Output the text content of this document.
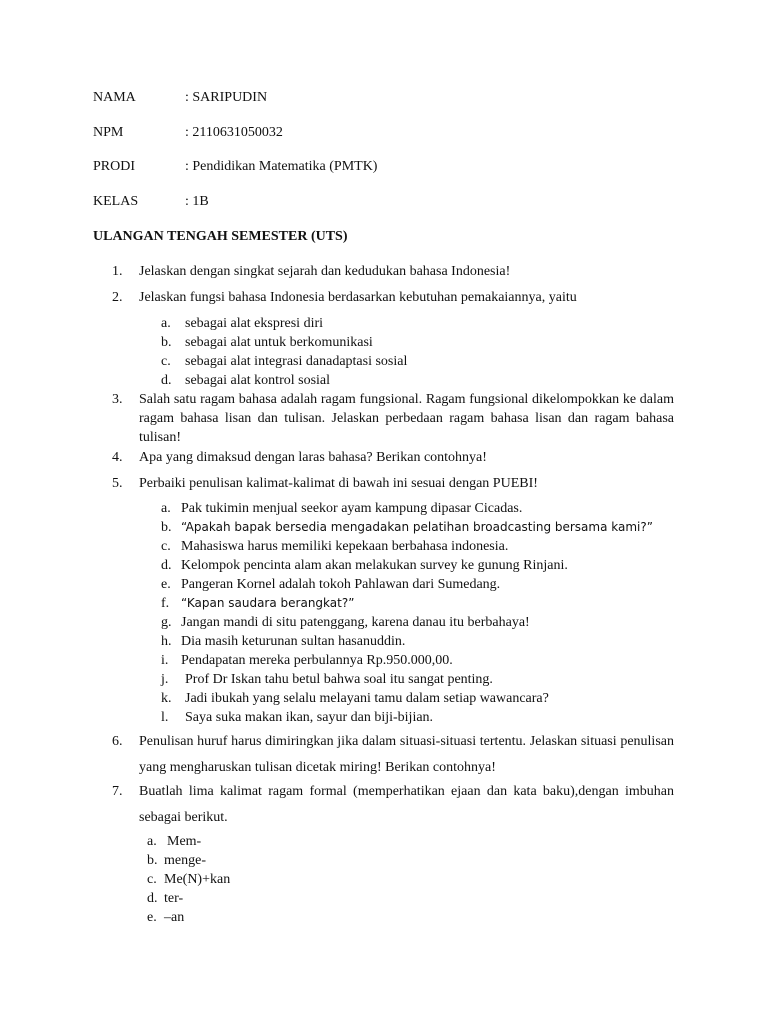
NAMA	: SARIPUDIN
NPM	: 2110631050032
PRODI	: Pendidikan Matematika (PMTK)
KELAS	: 1B
ULANGAN TENGAH SEMESTER (UTS)
1. Jelaskan dengan singkat sejarah dan kedudukan bahasa Indonesia!
2. Jelaskan fungsi bahasa Indonesia berdasarkan kebutuhan pemakaiannya, yaitu
a. sebagai alat ekspresi diri
b. sebagai alat untuk berkomunikasi
c. sebagai alat integrasi danadaptasi sosial
d. sebagai alat kontrol sosial
3. Salah satu ragam bahasa adalah ragam fungsional. Ragam fungsional dikelompokkan ke dalam ragam bahasa lisan dan tulisan. Jelaskan perbedaan ragam bahasa lisan dan ragam bahasa tulisan!
4. Apa yang dimaksud dengan laras bahasa? Berikan contohnya!
5. Perbaiki penulisan kalimat-kalimat di bawah ini sesuai dengan PUEBI!
a. Pak tukimin menjual seekor ayam kampung dipasar Cicadas.
b. “Apakah bapak bersedia mengadakan pelatihan broadcasting bersama kami?”
c. Mahasiswa harus memiliki kepekaan berbahasa indonesia.
d. Kelompok pencinta alam akan melakukan survey ke gunung Rinjani.
e. Pangeran Kornel adalah tokoh Pahlawan dari Sumedang.
f. “Kapan saudara berangkat?”
g. Jangan mandi di situ patenggang, karena danau itu berbahaya!
h. Dia masih keturunan sultan hasanuddin.
i. Pendapatan mereka perbulannya Rp.950.000,00.
j. Prof Dr Iskan tahu betul bahwa soal itu sangat penting.
k. Jadi ibukah yang selalu melayani tamu dalam setiap wawancara?
l. Saya suka makan ikan, sayur dan biji-bijian.
6. Penulisan huruf harus dimiringkan jika dalam situasi-situasi tertentu. Jelaskan situasi penulisan yang mengharuskan tulisan dicetak miring! Berikan contohnya!
7. Buatlah lima kalimat ragam formal (memperhatikan ejaan dan kata baku),dengan imbuhan sebagai berikut.
a. Mem-
b. menge-
c. Me(N)+kan
d. ter-
e. –an
